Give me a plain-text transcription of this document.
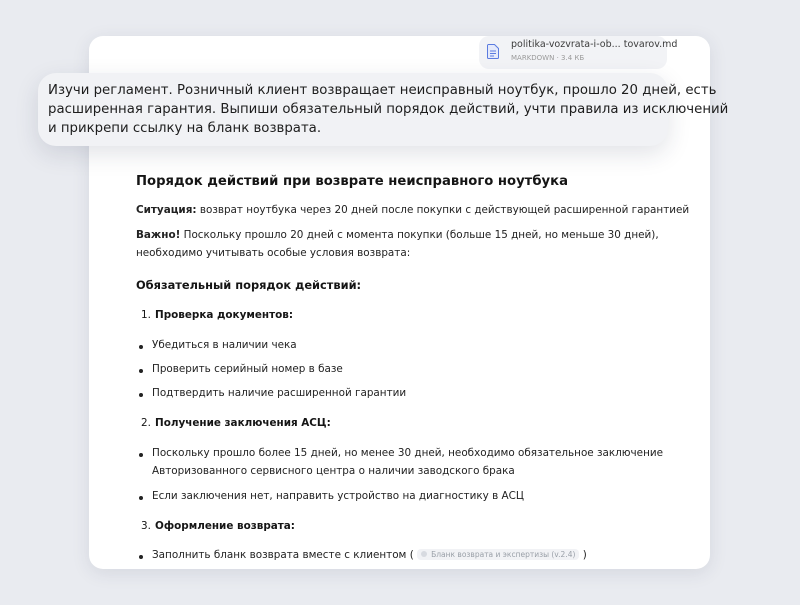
politika-vozvrata-i-ob... tovarov.md
MARKDOWN · 3.4 КБ
Изучи регламент. Розничный клиент возвращает неисправный ноутбук, прошло 20 дней, есть
расширенная гарантия. Выпиши обязательный порядок действий, учти правила из исключений
и прикрепи ссылку на бланк возврата.
Порядок действий при возврате неисправного ноутбука
Ситуация: возврат ноутбука через 20 дней после покупки с действующей расширенной гарантией
Важно! Поскольку прошло 20 дней с момента покупки (больше 15 дней, но меньше 30 дней),
необходимо учитывать особые условия возврата:
Обязательный порядок действий:
1. Проверка документов:
Убедиться в наличии чека
Проверить серийный номер в базе
Подтвердить наличие расширенной гарантии
2. Получение заключения АСЦ:
Поскольку прошло более 15 дней, но менее 30 дней, необходимо обязательное заключение
Авторизованного сервисного центра о наличии заводского брака
Если заключения нет, направить устройство на диагностику в АСЦ
3. Оформление возврата:
Заполнить бланк возврата вместе с клиентом ( Бланк возврата и экспертизы (v.2.4) )
